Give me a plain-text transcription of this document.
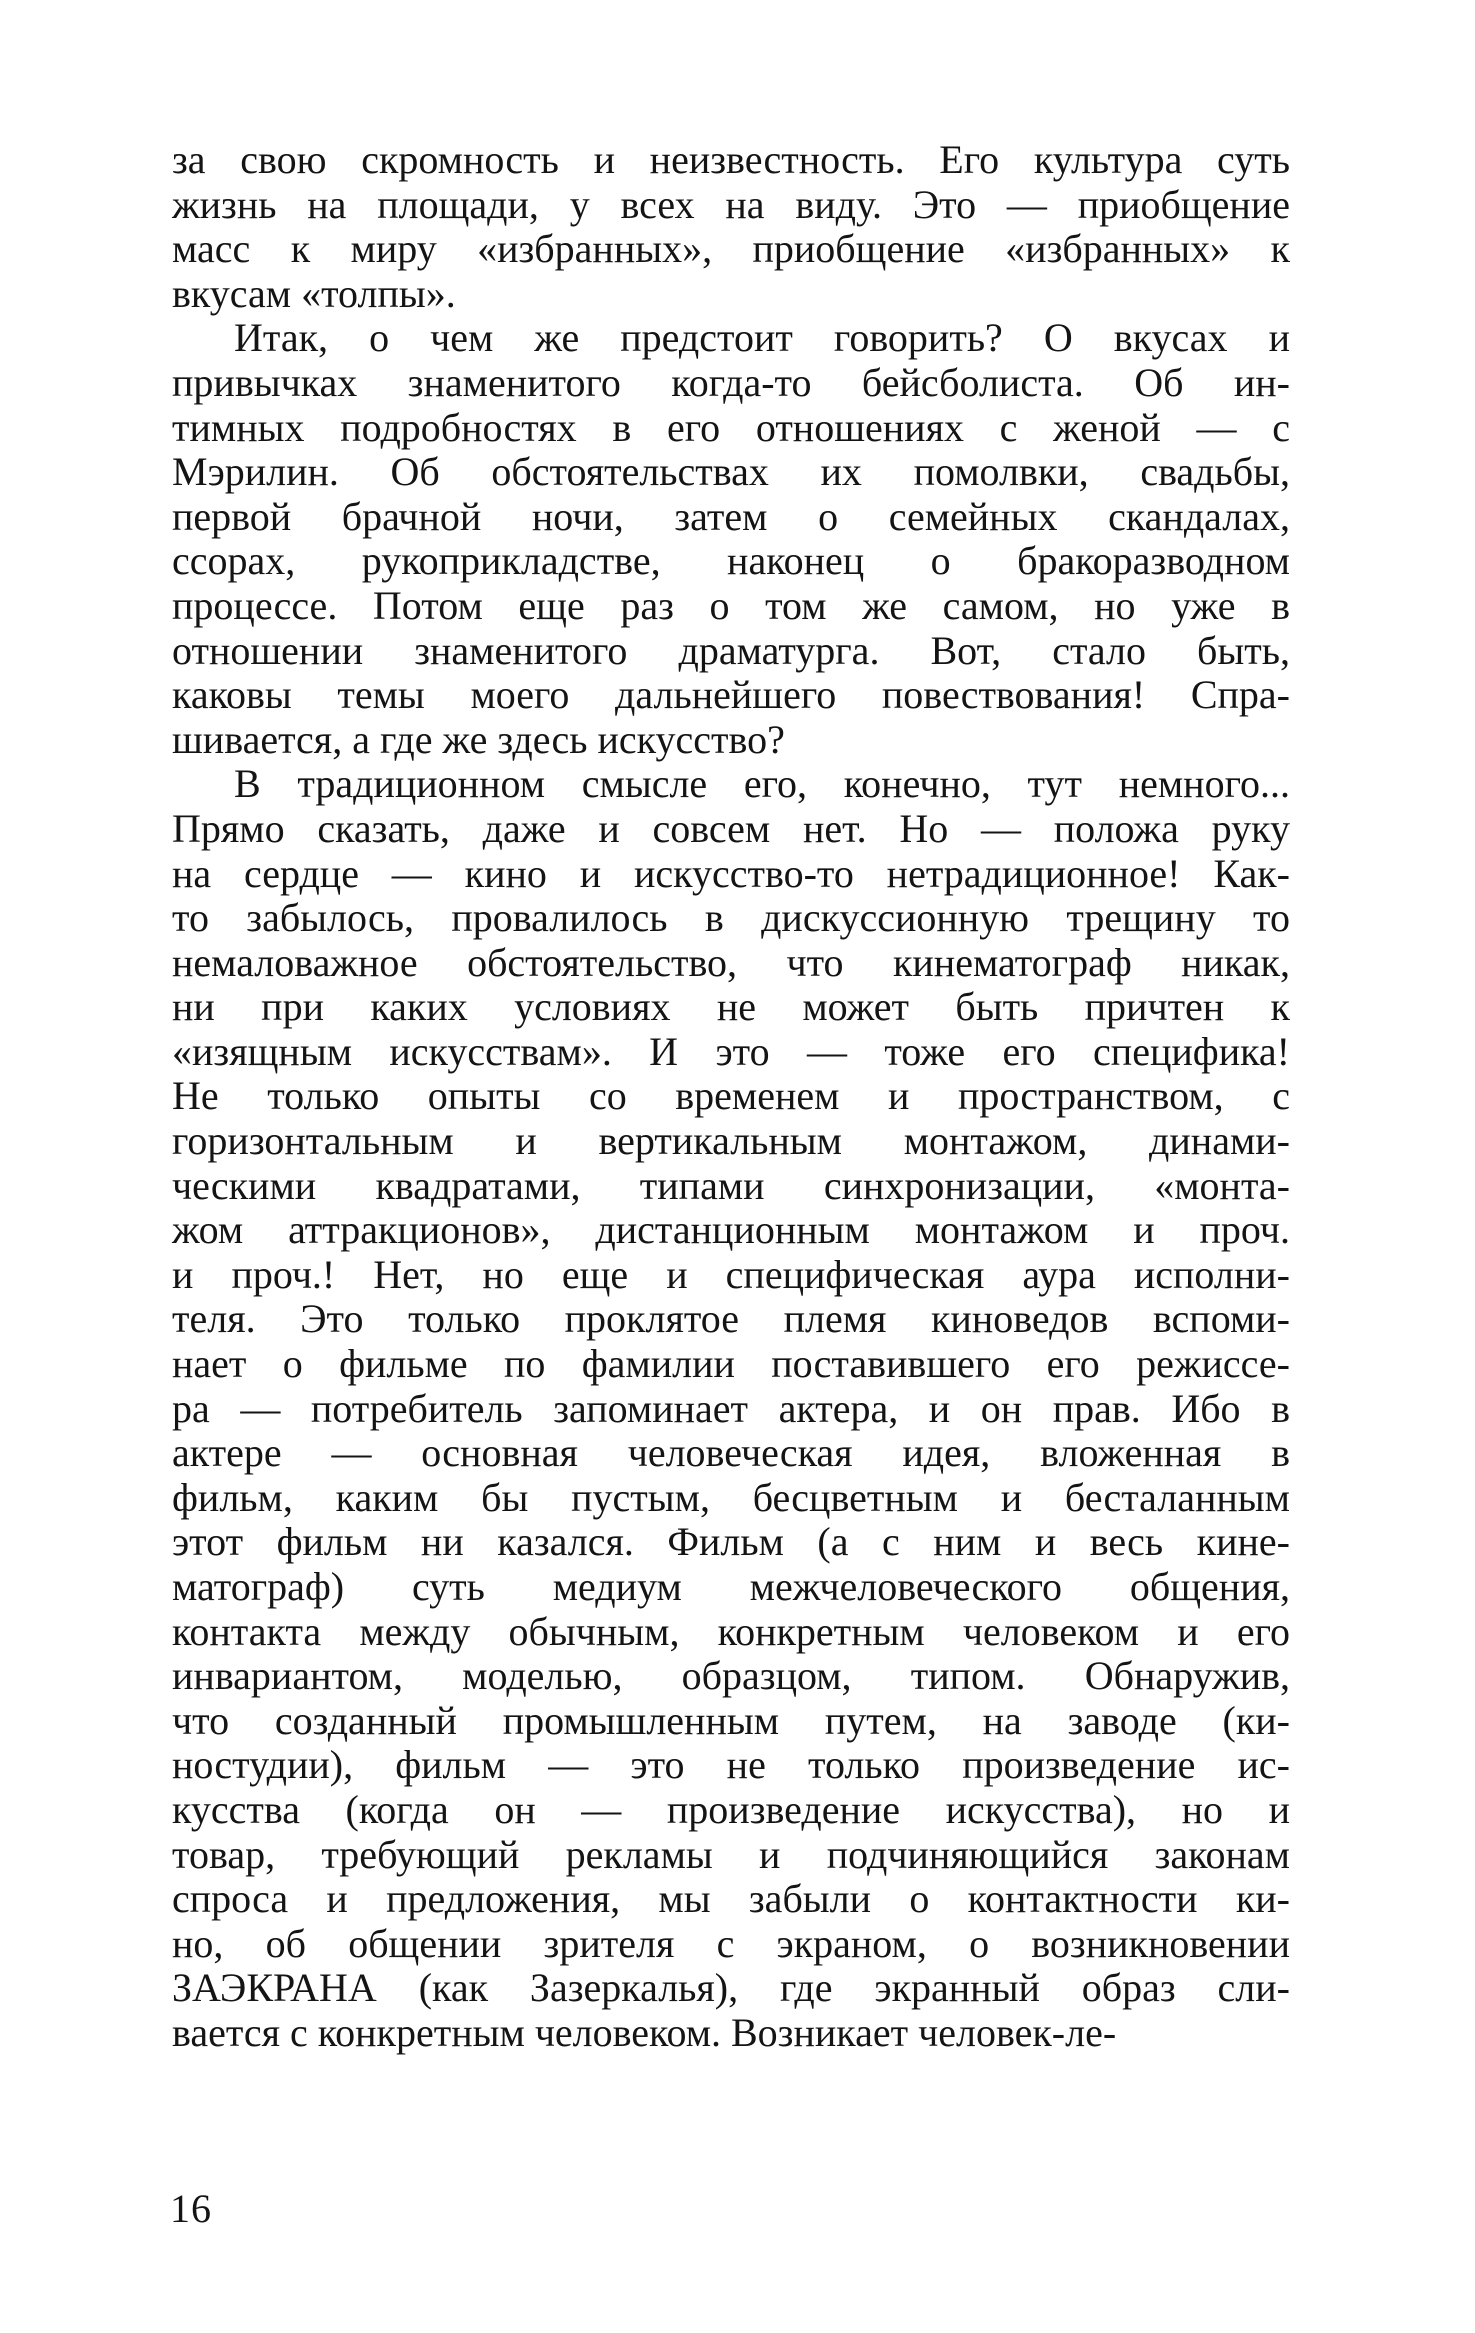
за свою скромность и неизвестность. Его культура суть
жизнь на площади, у всех на виду. Это — приобщение
масс к миру «избранных», приобщение «избранных» к
вкусам «толпы».
Итак, о чем же предстоит говорить? О вкусах и
привычках знаменитого когда-то бейсболиста. Об ин-
тимных подробностях в его отношениях с женой — с
Мэрилин. Об обстоятельствах их помолвки, свадьбы,
первой брачной ночи, затем о семейных скандалах,
ссорах, рукоприкладстве, наконец о бракоразводном
процессе. Потом еще раз о том же самом, но уже в
отношении знаменитого драматурга. Вот, стало быть,
каковы темы моего дальнейшего повествования! Спра-
шивается, а где же здесь искусство?
В традиционном смысле его, конечно, тут немного...
Прямо сказать, даже и совсем нет. Но — положа руку
на сердце — кино и искусство-то нетрадиционное! Как-
то забылось, провалилось в дискуссионную трещину то
немаловажное обстоятельство, что кинематограф никак,
ни при каких условиях не может быть причтен к
«изящным искусствам». И это — тоже его специфика!
Не только опыты со временем и пространством, с
горизонтальным и вертикальным монтажом, динами-
ческими квадратами, типами синхронизации, «монта-
жом аттракционов», дистанционным монтажом и проч.
и проч.! Нет, но еще и специфическая аура исполни-
теля. Это только проклятое племя киноведов вспоми-
нает о фильме по фамилии поставившего его режиссе-
ра — потребитель запоминает актера, и он прав. Ибо в
актере — основная человеческая идея, вложенная в
фильм, каким бы пустым, бесцветным и бесталанным
этот фильм ни казался. Фильм (а с ним и весь кине-
матограф) суть медиум межчеловеческого общения,
контакта между обычным, конкретным человеком и его
инвариантом, моделью, образцом, типом. Обнаружив,
что созданный промышленным путем, на заводе (ки-
ностудии), фильм — это не только произведение ис-
кусства (когда он — произведение искусства), но и
товар, требующий рекламы и подчиняющийся законам
спроса и предложения, мы забыли о контактности ки-
но, об общении зрителя с экраном, о возникновении
ЗАЭКРАНА (как Зазеркалья), где экранный образ сли-
вается с конкретным человеком. Возникает человек-ле-
16
